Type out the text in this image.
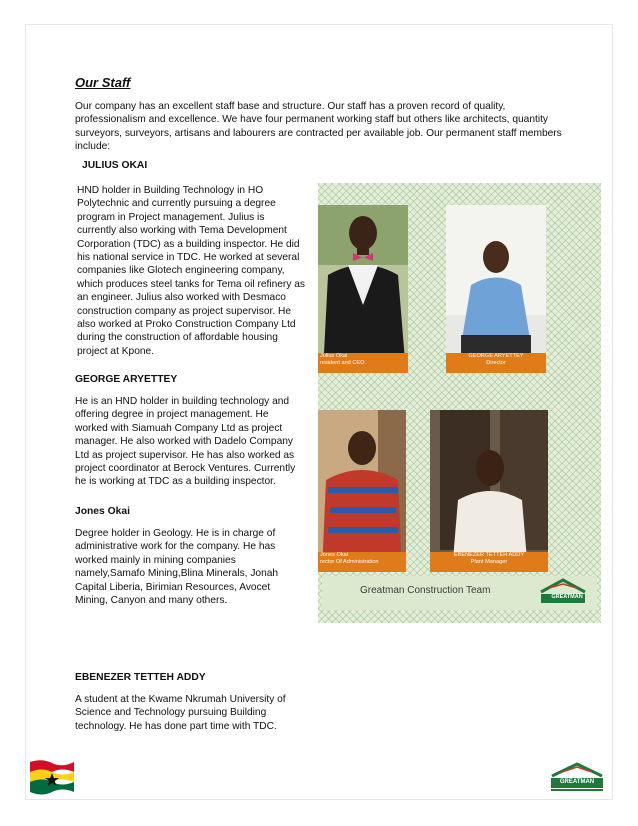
Our Staff
Our company has an excellent staff base and structure. Our staff has a proven record of quality, professionalism and excellence. We have four permanent working staff but others like architects, quantity surveyors, surveyors, artisans and labourers are contracted per available job. Our permanent staff members include:
JULIUS OKAI
HND holder in Building Technology in HO Polytechnic and currently pursuing a degree program in Project management. Julius is currently also working with Tema Development Corporation (TDC) as a building inspector. He did his national service in TDC. He worked at several companies like Glotech engineering company, which produces steel tanks for Tema oil refinery as an engineer. Julius also worked with Desmaco construction company as project supervisor. He also worked at Proko Construction Company Ltd during the construction of affordable housing project at Kpone.
GEORGE ARYETTEY
He is an HND holder in building technology and offering degree in project management. He worked with Siamuah Company Ltd as project manager. He also worked with Dadelo Company Ltd as project supervisor. He has also worked as project coordinator at Berock Ventures. Currently he is working at TDC as a building inspector.
Jones Okai
Degree holder in Geology. He is in charge of administrative work for the company. He has worked mainly in mining companies namely,Samafo Mining,Blina Minerals, Jonah Capital Liberia, Birimian Resources, Avocet Mining, Canyon and many others.
EBENEZER TETTEH ADDY
A student at the Kwame Nkrumah University of Science and Technology pursuing Building technology. He has done part time with TDC.
Julius Okai
resident and CEO
GEORGE ARYETTEY
Director
Jones Okai
rector Of Administration
EBENEZER TETTEH ADDY
Plant Manager
Greatman Construction Team
GREATMAN
GREATMAN
